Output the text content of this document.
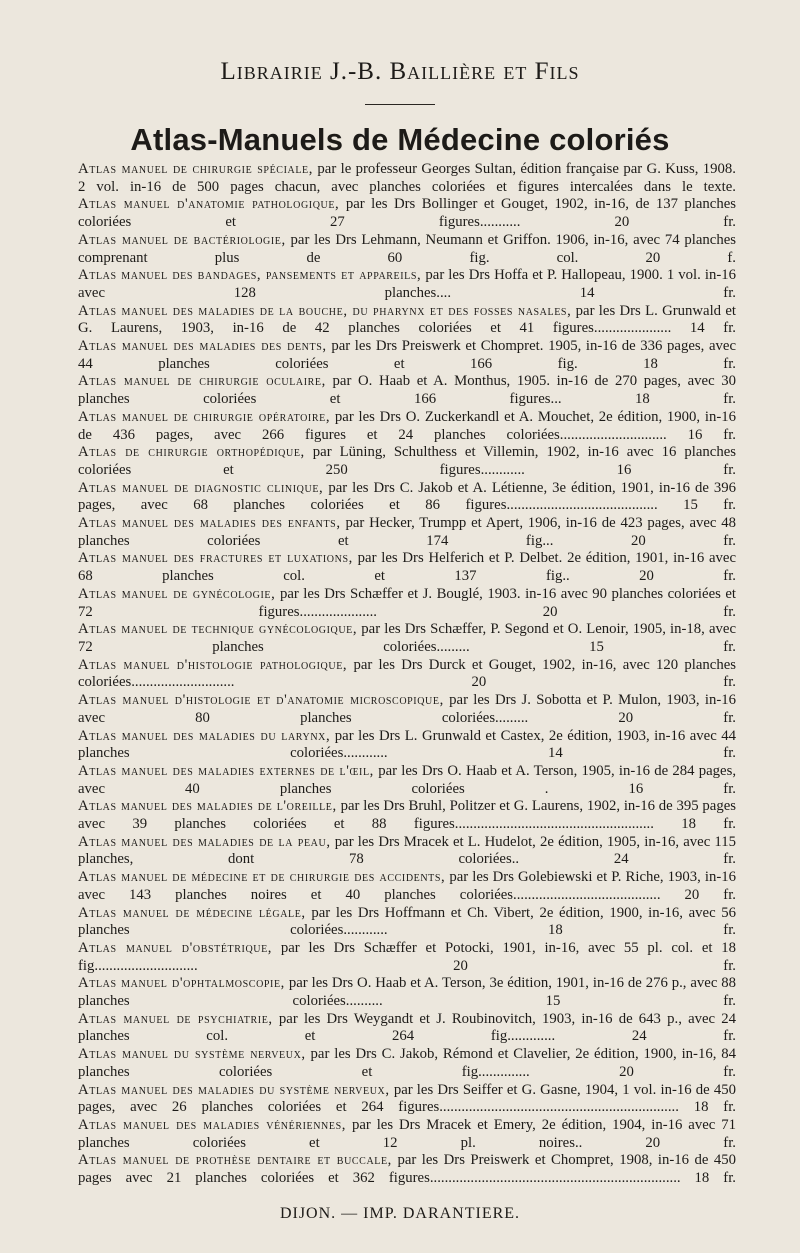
Librairie J.-B. Baillière et Fils
Atlas-Manuels de Médecine coloriés

Atlas manuel de chirurgie spéciale, par le professeur Georges Sultan, édition française par G. Kuss, 1908. 2 vol. in-16 de 500 pages chacun, avec planches coloriées et figures intercalées dans le texte.

Atlas manuel d'anatomie pathologique, par les Drs Bollinger et Gouget, 1902, in-16, de 137 planches coloriées et 27 figures........... 20 fr.

Atlas manuel de bactériologie, par les Drs Lehmann, Neumann et Griffon. 1906, in-16, avec 74 planches comprenant plus de 60 fig. col. 20 f.

Atlas manuel des bandages, pansements et appareils, par les Drs Hoffa et P. Hallopeau, 1900. 1 vol. in-16 avec 128 planches.... 14 fr.

Atlas manuel des maladies de la bouche, du pharynx et des fosses nasales, par les Drs L. Grunwald et G. Laurens, 1903, in-16 de 42 planches coloriées et 41 figures..................... 14 fr.

Atlas manuel des maladies des dents, par les Drs Preiswerk et Chompret. 1905, in-16 de 336 pages, avec 44 planches coloriées et 166 fig. 18 fr.

Atlas manuel de chirurgie oculaire, par O. Haab et A. Monthus, 1905. in-16 de 270 pages, avec 30 planches coloriées et 166 figures... 18 fr.

Atlas manuel de chirurgie opératoire, par les Drs O. Zuckerkandl et A. Mouchet, 2e édition, 1900, in-16 de 436 pages, avec 266 figures et 24 planches coloriées............................. 16 fr.

Atlas de chirurgie orthopédique, par Lüning, Schulthess et Villemin, 1902, in-16 avec 16 planches coloriées et 250 figures............ 16 fr.

Atlas manuel de diagnostic clinique, par les Drs C. Jakob et A. Létienne, 3e édition, 1901, in-16 de 396 pages, avec 68 planches coloriées et 86 figures......................................... 15 fr.

Atlas manuel des maladies des enfants, par Hecker, Trumpp et Apert, 1906, in-16 de 423 pages, avec 48 planches coloriées et 174 fig... 20 fr.

Atlas manuel des fractures et luxations, par les Drs Helferich et P. Delbet. 2e édition, 1901, in-16 avec 68 planches col. et 137 fig.. 20 fr.

Atlas manuel de gynécologie, par les Drs Schæffer et J. Bouglé, 1903. in-16 avec 90 planches coloriées et 72 figures..................... 20 fr.

Atlas manuel de technique gynécologique, par les Drs Schæffer, P. Segond et O. Lenoir, 1905, in-18, avec 72 planches coloriées......... 15 fr.

Atlas manuel d'histologie pathologique, par les Drs Durck et Gouget, 1902, in-16, avec 120 planches coloriées............................ 20 fr.

Atlas manuel d'histologie et d'anatomie microscopique, par les Drs J. Sobotta et P. Mulon, 1903, in-16 avec 80 planches coloriées......... 20 fr.

Atlas manuel des maladies du larynx, par les Drs L. Grunwald et Castex, 2e édition, 1903, in-16 avec 44 planches coloriées............ 14 fr.

Atlas manuel des maladies externes de l'œil, par les Drs O. Haab et A. Terson, 1905, in-16 de 284 pages, avec 40 planches coloriées . 16 fr.

Atlas manuel des maladies de l'oreille, par les Drs Bruhl, Politzer et G. Laurens, 1902, in-16 de 395 pages avec 39 planches coloriées et 88 figures...................................................... 18 fr.

Atlas manuel des maladies de la peau, par les Drs Mracek et L. Hudelot, 2e édition, 1905, in-16, avec 115 planches, dont 78 coloriées.. 24 fr.

Atlas manuel de médecine et de chirurgie des accidents, par les Drs Golebiewski et P. Riche, 1903, in-16 avec 143 planches noires et 40 planches coloriées........................................ 20 fr.

Atlas manuel de médecine légale, par les Drs Hoffmann et Ch. Vibert, 2e édition, 1900, in-16, avec 56 planches coloriées............ 18 fr.

Atlas manuel d'obstétrique, par les Drs Schæffer et Potocki, 1901, in-16, avec 55 pl. col. et 18 fig............................ 20 fr.

Atlas manuel d'ophtalmoscopie, par les Drs O. Haab et A. Terson, 3e édition, 1901, in-16 de 276 p., avec 88 planches coloriées.......... 15 fr.

Atlas manuel de psychiatrie, par les Drs Weygandt et J. Roubinovitch, 1903, in-16 de 643 p., avec 24 planches col. et 264 fig............. 24 fr.

Atlas manuel du système nerveux, par les Drs C. Jakob, Rémond et Clavelier, 2e édition, 1900, in-16, 84 planches coloriées et fig.............. 20 fr.

Atlas manuel des maladies du système nerveux, par les Drs Seiffer et G. Gasne, 1904, 1 vol. in-16 de 450 pages, avec 26 planches coloriées et 264 figures................................................................. 18 fr.

Atlas manuel des maladies vénériennes, par les Drs Mracek et Emery, 2e édition, 1904, in-16 avec 71 planches coloriées et 12 pl. noires.. 20 fr.

Atlas manuel de prothèse dentaire et buccale, par les Drs Preiswerk et Chompret, 1908, in-16 de 450 pages avec 21 planches coloriées et 362 figures.................................................................... 18 fr.

DIJON. — IMP. DARANTIERE.
